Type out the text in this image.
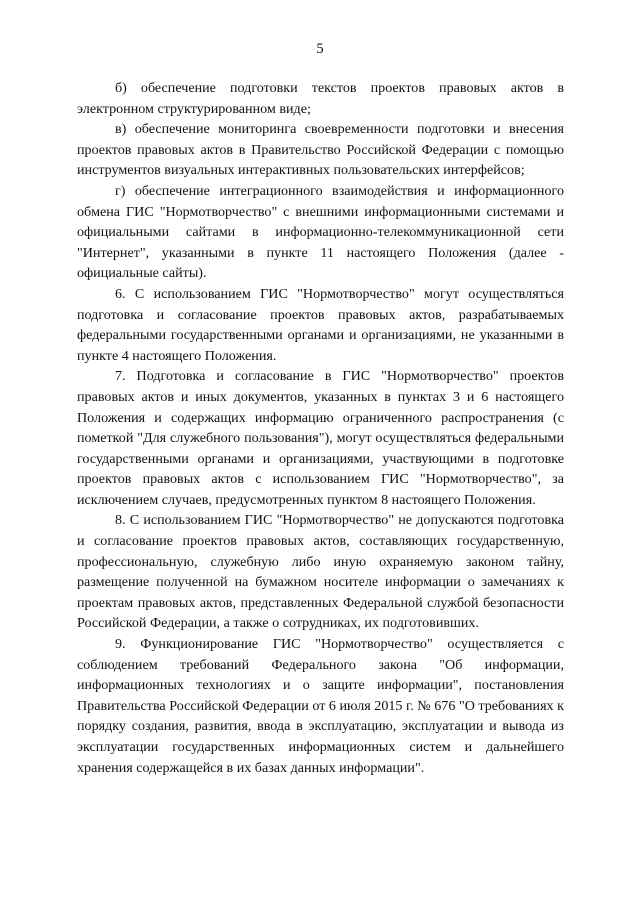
5

б) обеспечение подготовки текстов проектов правовых актов в электронном структурированном виде;

в) обеспечение мониторинга своевременности подготовки и внесения проектов правовых актов в Правительство Российской Федерации с помощью инструментов визуальных интерактивных пользовательских интерфейсов;

г) обеспечение интеграционного взаимодействия и информационного обмена ГИС "Нормотворчество" с внешними информационными системами и официальными сайтами в информационно-телекоммуникационной сети "Интернет", указанными в пункте 11 настоящего Положения (далее - официальные сайты).

6. С использованием ГИС "Нормотворчество" могут осуществляться подготовка и согласование проектов правовых актов, разрабатываемых федеральными государственными органами и организациями, не указанными в пункте 4 настоящего Положения.

7. Подготовка и согласование в ГИС "Нормотворчество" проектов правовых актов и иных документов, указанных в пунктах 3 и 6 настоящего Положения и содержащих информацию ограниченного распространения (с пометкой "Для служебного пользования"), могут осуществляться федеральными государственными органами и организациями, участвующими в подготовке проектов правовых актов с использованием ГИС "Нормотворчество", за исключением случаев, предусмотренных пунктом 8 настоящего Положения.

8. С использованием ГИС "Нормотворчество" не допускаются подготовка и согласование проектов правовых актов, составляющих государственную, профессиональную, служебную либо иную охраняемую законом тайну, размещение полученной на бумажном носителе информации о замечаниях к проектам правовых актов, представленных Федеральной службой безопасности Российской Федерации, а также о сотрудниках, их подготовивших.

9. Функционирование ГИС "Нормотворчество" осуществляется с соблюдением требований Федерального закона "Об информации, информационных технологиях и о защите информации", постановления Правительства Российской Федерации от 6 июля 2015 г. № 676 "О требованиях к порядку создания, развития, ввода в эксплуатацию, эксплуатации и вывода из эксплуатации государственных информационных систем и дальнейшего хранения содержащейся в их базах данных информации".
